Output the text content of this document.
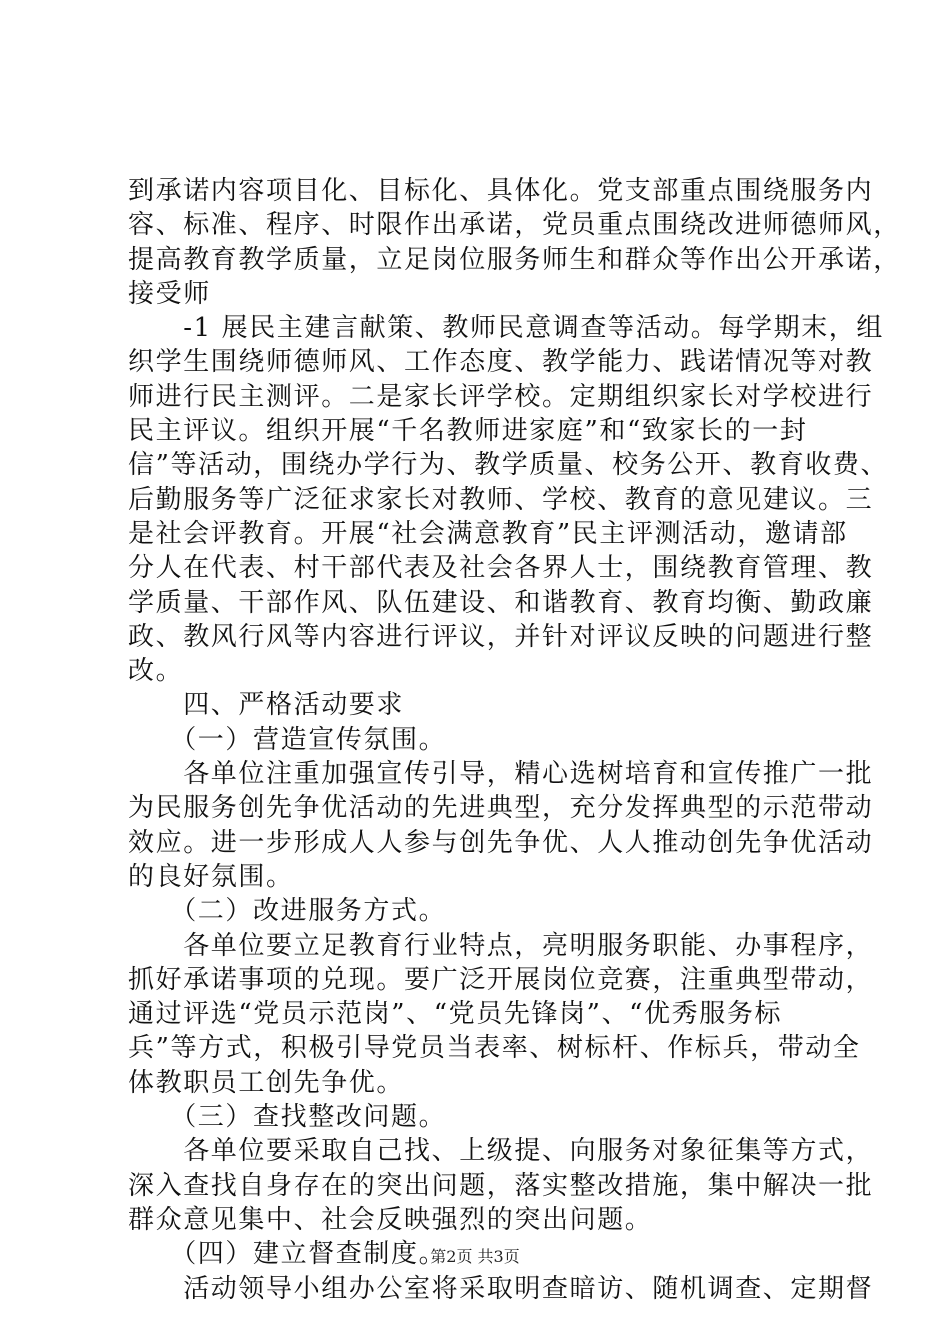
到承诺内容项目化、目标化、具体化。党支部重点围绕服务内
容、标准、程序、时限作出承诺，党员重点围绕改进师德师风，
提高教育教学质量，立足岗位服务师生和群众等作出公开承诺，
接受师
　　-1 展民主建言献策、教师民意调查等活动。每学期末，组
织学生围绕师德师风、工作态度、教学能力、践诺情况等对教
师进行民主测评。二是家长评学校。定期组织家长对学校进行
民主评议。组织开展“千名教师进家庭”和“致家长的一封
信”等活动，围绕办学行为、教学质量、校务公开、教育收费、
后勤服务等广泛征求家长对教师、学校、教育的意见建议。三
是社会评教育。开展“社会满意教育”民主评测活动，邀请部
分人在代表、村干部代表及社会各界人士，围绕教育管理、教
学质量、干部作风、队伍建设、和谐教育、教育均衡、勤政廉
政、教风行风等内容进行评议，并针对评议反映的问题进行整
改。
　　四、严格活动要求
　　（一）营造宣传氛围。
　　各单位注重加强宣传引导，精心选树培育和宣传推广一批
为民服务创先争优活动的先进典型，充分发挥典型的示范带动
效应。进一步形成人人参与创先争优、人人推动创先争优活动
的良好氛围。
　　（二）改进服务方式。
　　各单位要立足教育行业特点，亮明服务职能、办事程序，
抓好承诺事项的兑现。要广泛开展岗位竞赛，注重典型带动，
通过评选“党员示范岗”、“党员先锋岗”、“优秀服务标
兵”等方式，积极引导党员当表率、树标杆、作标兵，带动全
体教职员工创先争优。
　　（三）查找整改问题。
　　各单位要采取自己找、上级提、向服务对象征集等方式，
深入查找自身存在的突出问题，落实整改措施，集中解决一批
群众意见集中、社会反映强烈的突出问题。
　　（四）建立督查制度。
　　活动领导小组办公室将采取明查暗访、随机调查、定期督
第2页 共3页
